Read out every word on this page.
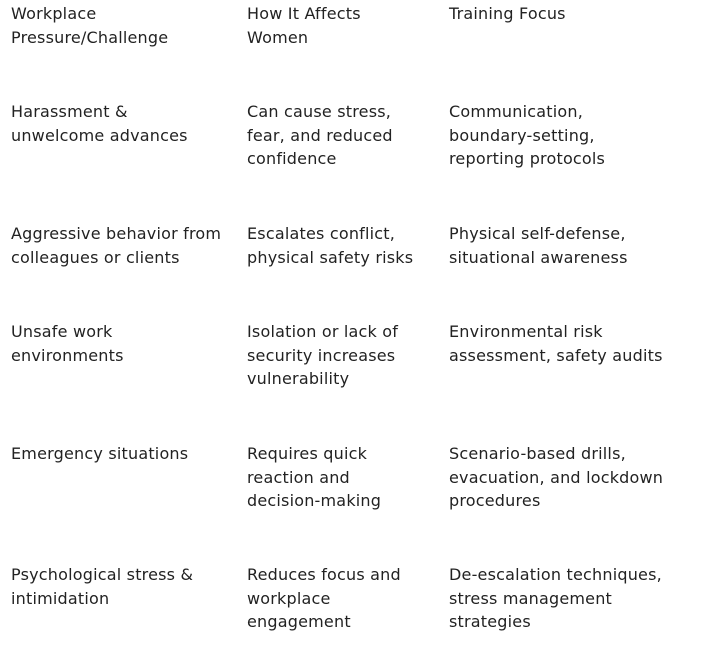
Workplace
Pressure/Challenge
How It Affects
Women
Training Focus
Harassment &
unwelcome advances
Can cause stress,
fear, and reduced
confidence
Communication,
boundary-setting,
reporting protocols
Aggressive behavior from
colleagues or clients
Escalates conflict,
physical safety risks
Physical self-defense,
situational awareness
Unsafe work
environments
Isolation or lack of
security increases
vulnerability
Environmental risk
assessment, safety audits
Emergency situations	Requires quick
reaction and
decision-making
Scenario-based drills,
evacuation, and lockdown
procedures
Psychological stress &
intimidation
Reduces focus and
workplace
engagement
De-escalation techniques,
stress management
strategies
